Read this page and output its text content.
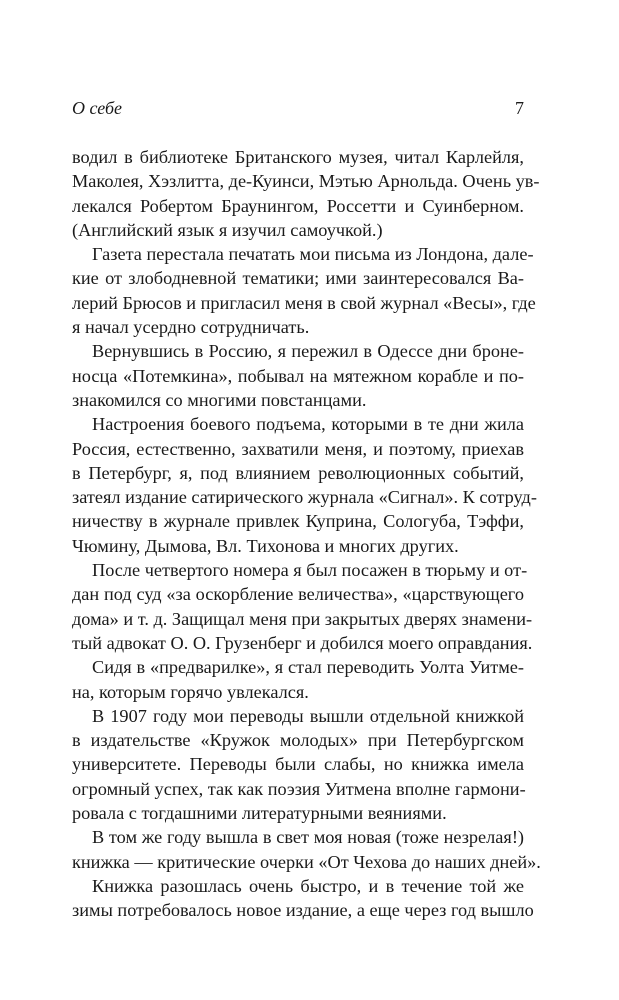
О себе	7
водил в библиотеке Британского музея, читал Карлейля,
Маколея, Хэзлитта, де-Куинси, Мэтью Арнольда. Очень ув-
лекался Робертом Браунингом, Россетти и Суинберном.
(Английский язык я изучил самоучкой.)
Газета перестала печатать мои письма из Лондона, дале-
кие от злободневной тематики; ими заинтересовался Ва-
лерий Брюсов и пригласил меня в свой журнал «Весы», где
я начал усердно сотрудничать.
Вернувшись в Россию, я пережил в Одессе дни броне-
носца «Потемкина», побывал на мятежном корабле и по-
знакомился со многими повстанцами.
Настроения боевого подъема, которыми в те дни жила
Россия, естественно, захватили меня, и поэтому, приехав
в Петербург, я, под влиянием революционных событий,
затеял издание сатирического журнала «Сигнал». К сотруд-
ничеству в журнале привлек Куприна, Сологуба, Тэффи,
Чюмину, Дымова, Вл. Тихонова и многих других.
После четвертого номера я был посажен в тюрьму и от-
дан под суд «за оскорбление величества», «царствующего
дома» и т. д. Защищал меня при закрытых дверях знамени-
тый адвокат О. О. Грузенберг и добился моего оправдания.
Сидя в «предварилке», я стал переводить Уолта Уитме-
на, которым горячо увлекался.
В 1907 году мои переводы вышли отдельной книжкой
в издательстве «Кружок молодых» при Петербургском
университете. Переводы были слабы, но книжка имела
огромный успех, так как поэзия Уитмена вполне гармони-
ровала с тогдашними литературными веяниями.
В том же году вышла в свет моя новая (тоже незрелая!)
книжка — критические очерки «От Чехова до наших дней».
Книжка разошлась очень быстро, и в течение той же
зимы потребовалось новое издание, а еще через год вышло
